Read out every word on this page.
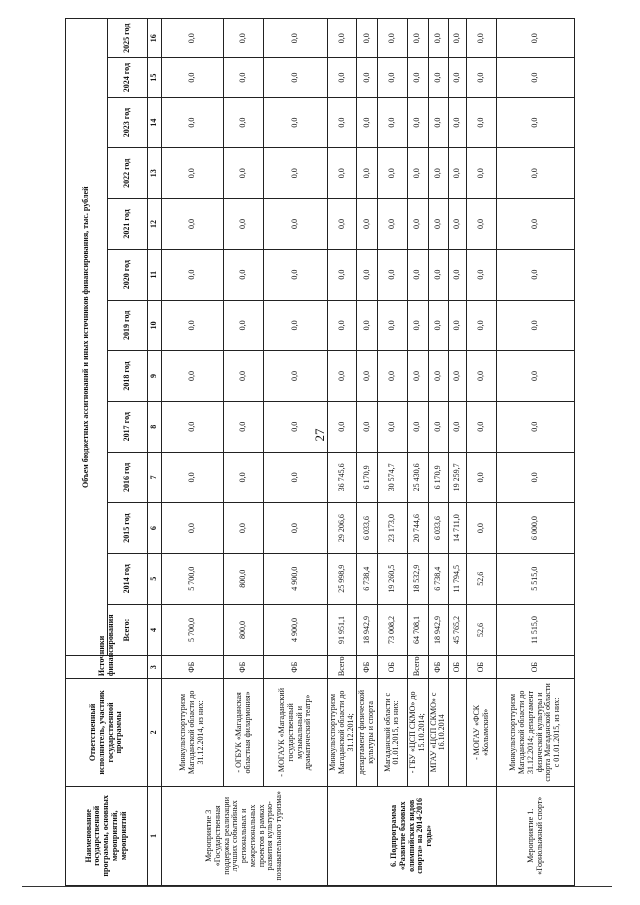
27
Наименование государственной программы, основных мероприятий, мероприятий	Ответственный исполнитель, участник государственной программы	Источники финансирования	Объем бюджетных ассигнований и иных источников финансирования, тыс. рублей												
			Всего:	2014 год	2015 год	2016 год	2017 год	2018 год	2019 год	2020 год	2021 год	2022 год	2023 год	2024 год	2025 год
1	2	3	4	5	6	7	8	9	10	11	12	13	14	15	16
Мероприятие 3 «Государственная поддержка реализации лучших событийных региональных и межрегиональных проектов в рамках развития культурно-познавательного туризма»	Минкультспорттуризм Магаданской области до 31.12.2014, из них:	ФБ	5 700,0	5 700,0	0,0	0,0	0,0	0,0	0,0	0,0	0,0	0,0	0,0	0,0	0,0
	- ОГБУК «Магаданская областная филармония»	ФБ	800,0	800,0	0,0	0,0	0,0	0,0	0,0	0,0	0,0	0,0	0,0	0,0	0,0
	- МОГАУК «Магаданский государственный музыкальный и драматический театр»	ФБ	4 900,0	4 900,0	0,0	0,0	0,0	0,0	0,0	0,0	0,0	0,0	0,0	0,0	0,0
6. Подпрограмма «Развитие базовых олимпийских видов спорта» на 2014-2016 годы»	Минкультспорттуризм Магаданской области до 31.12.2014;	Всего:	91 951,1	25 998,9	29 206,6	36 745,6	0,0	0,0	0,0	0,0	0,0	0,0	0,0	0,0	0,0
	департамент физической культуры и спорта	ФБ	18 942,9	6 738,4	6 033,6	6 170,9	0,0	0,0	0,0	0,0	0,0	0,0	0,0	0,0	0,0
	Магаданской области с 01.01.2015, из них:	ОБ	73 008,2	19 260,5	23 173,0	30 574,7	0,0	0,0	0,0	0,0	0,0	0,0	0,0	0,0	0,0
	- ГБУ «ЦСП СКМО» до 15.10.2014;	Всего:	64 708,1	18 532,9	20 744,6	25 430,6	0,0	0,0	0,0	0,0	0,0	0,0	0,0	0,0	0,0
	МГАУ «ЦСП СКМО» с 16.10.2014	ФБ	18 942,9	6 738,4	6 033,6	6 170,9	0,0	0,0	0,0	0,0	0,0	0,0	0,0	0,0	0,0
		ОБ	45 765,2	11 794,5	14 711,0	19 259,7	0,0	0,0	0,0	0,0	0,0	0,0	0,0	0,0	0,0
	- МОГАУ «ФСК «Колымский»	ОБ	52,6	52,6	0,0	0,0	0,0	0,0	0,0	0,0	0,0	0,0	0,0	0,0	0,0
Мероприятие 1. «Горнолыжный спорт»	Минкультспорттуризм Магаданской области до 31.12.2014; департамент физической культуры и спорта Магаданской области с 01.01.2015, из них:	ОБ	11 515,0	5 515,0	6 000,0	0,0	0,0	0,0	0,0	0,0	0,0	0,0	0,0	0,0	0,0
